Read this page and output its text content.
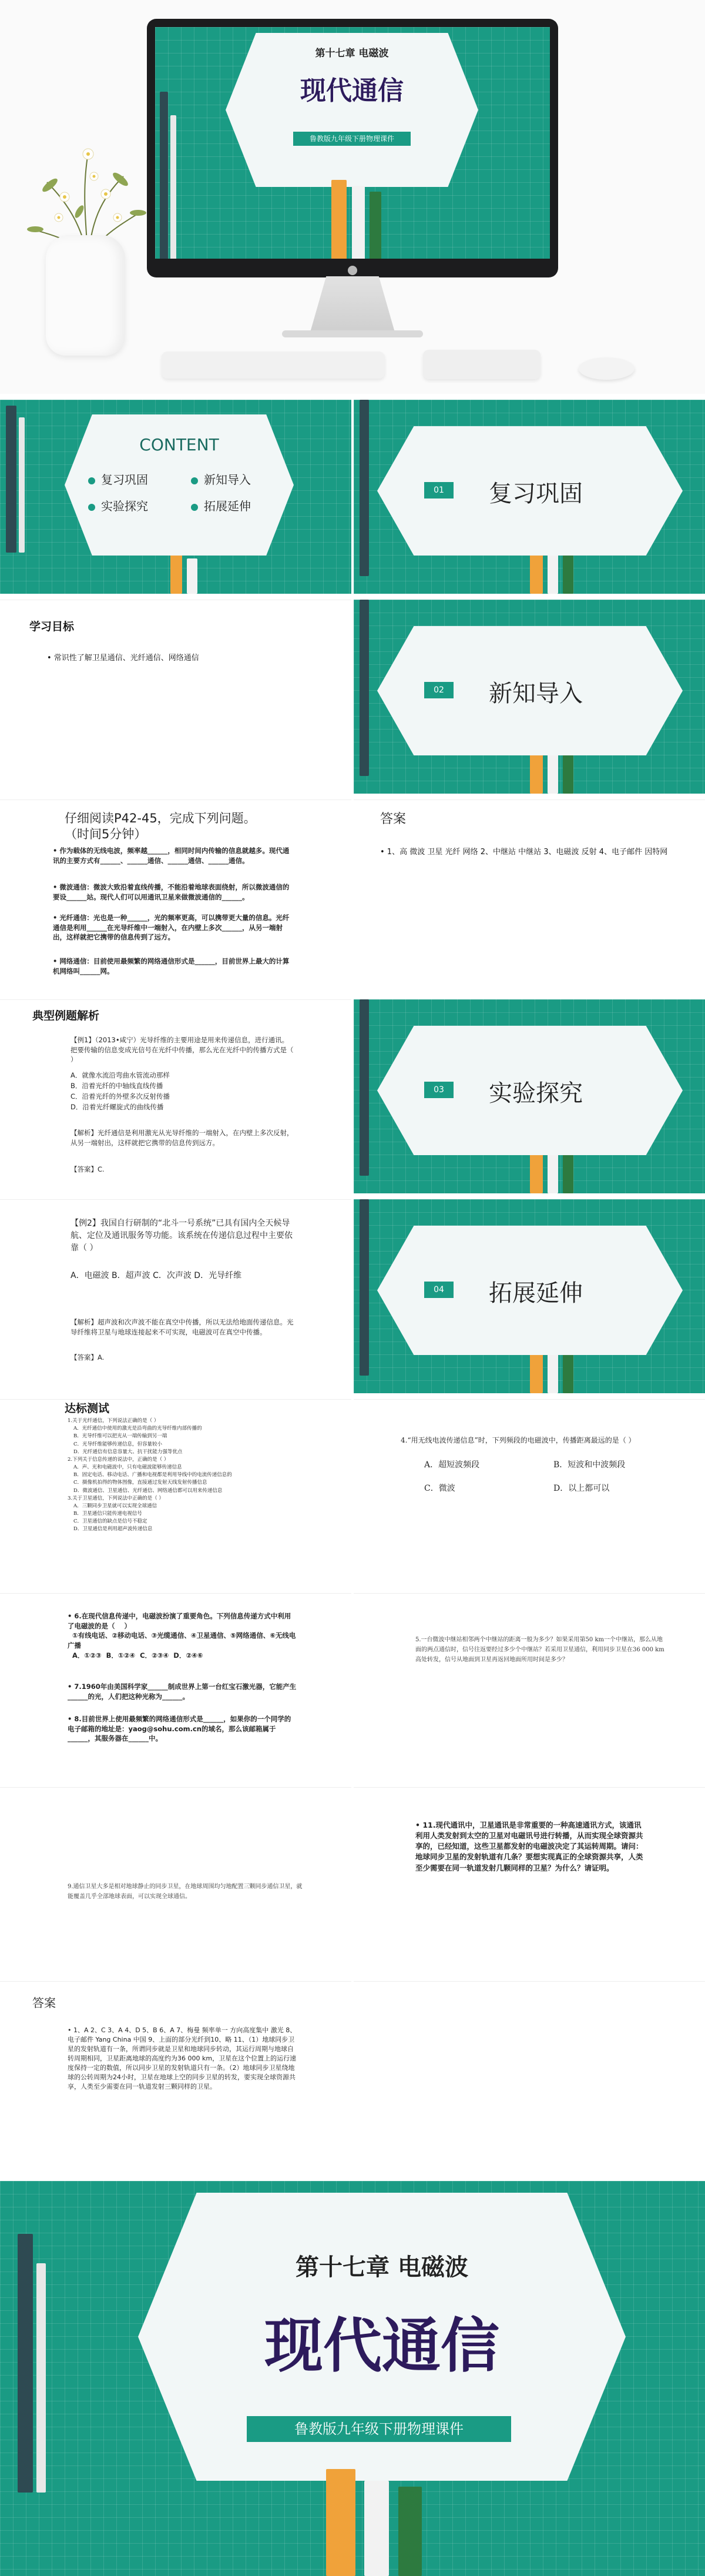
第十七章 电磁波
现代通信
鲁教版九年级下册物理课件
CONTENT
复习巩固	新知导入
实验探究	拓展延伸
01	复习巩固
学习目标
• 常识性了解卫星通信、光纤通信、网络通信
02	新知导入
仔细阅读P42-45，完成下列问题。
（时间5分钟）
• 作为载体的无线电波，频率越______，相同时间内传输的信息就越多。现代通讯的主要方式有______、______通信、______通信、______通信。
• 微波通信：微波大致沿着直线传播，不能沿着地球表面绕射，所以微波通信的要设______站。现代人们可以用通讯卫星来做微波通信的______。
• 光纤通信：光也是一种______，光的频率更高，可以携带更大量的信息。光纤通信是利用______在光导纤维中一端射入，在内壁上多次______，从另一端射出，这样就把它携带的信息传到了远方。
• 网络通信：目前使用最频繁的网络通信形式是______，目前世界上最大的计算机网络叫______网。
答案
• 1、高 微波 卫星 光纤 网络 2、中继站 中继站 3、电磁波 反射 4、电子邮件 因特网
典型例题解析
【例1】（2013•咸宁）光导纤维的主要用途是用来传递信息，进行通讯。把要传输的信息变成光信号在光纤中传播，那么光在光纤中的传播方式是（ ）
A．就像水流沿弯曲水管流动那样
B．沿着光纤的中轴线直线传播
C．沿着光纤的外壁多次反射传播
D．沿着光纤螺旋式的曲线传播
【解析】光纤通信是利用激光从光导纤维的一端射入，在内壁上多次反射，从另一端射出，这样就把它携带的信息传到远方。
【答案】C.
03	实验探究
【例2】我国自行研制的“北斗一号系统”已具有国内全天候导航、定位及通讯服务等功能。该系统在传递信息过程中主要依靠（ ）
A．电磁波 B．超声波 C．次声波 D．光导纤维
【解析】超声波和次声波不能在真空中传播，所以无法给地面传递信息。光导纤维将卫星与地球连接起来不可实现，电磁波可在真空中传播。
【答案】A.
04	拓展延伸
达标测试
1.关于光纤通信，下列说法正确的是（ ）
A．光纤通信中使用的激光是沿弯曲的光导纤维内部传播的
B．光导纤维可以把光从一端传输到另一端
C．光导纤维能够传递信息，但容量较小
D．光纤通信有信息容量大、抗干扰能力强等优点
2.下列关于信息传递的说法中，正确的是（ ）
A．声、光和电磁波中，只有电磁波能够传递信息
B．固定电话、移动电话、广播和电视都是利用导线中的电流传递信息的
C．摄像机拍得的物体图像，直接通过发射天线发射传播信息
D．微波通信、卫星通信、光纤通信、网络通信都可以用来传递信息
3.关于卫星通信，下列说法中正确的是（ ）
A．三颗同步卫星就可以实现全球通信
B．卫星通信只能传递电视信号
C．卫星通信的缺点是信号不稳定
D．卫星通信是利用超声波传递信息
4.“用无线电波传递信息”时，下列频段的电磁波中，传播距离最远的是（ ）
A．超短波频段	B．短波和中波频段
C．微波	D．以上都可以
• 6.在现代信息传递中，电磁波扮演了重要角色。下列信息传递方式中利用了电磁波的是（    ）
①有线电话、②移动电话、③光缆通信、④卫星通信、⑤网络通信、⑥无线电广播
A．①②③  B．①②④  C．②③④  D．②④⑥
• 7.1960年由美国科学家______制成世界上第一台红宝石激光器，它能产生______的光，人们把这种光称为______。
• 8.目前世界上使用最频繁的网络通信形式是______，如果你的一个同学的电子邮箱的地址是：yaog@sohu.com.cn的域名，那么该邮箱属于______，其服务器在______中。
5.一台微波中继站相邻两个中继站的距离一般为多少？如果采用第50 km一个中继站，那么从地面的两点通信时，信号往返要经过多少个中继站？若采用卫星通信，利用同步卫星在36 000 km高处转发，信号从地面到卫星再返回地面所用时间是多少？
9.通信卫星大多是相对地球静止的同步卫星，在地球周围均匀地配置三颗同步通信卫星，就能覆盖几乎全部地球表面，可以实现全球通信。
• 11.现代通讯中，卫星通讯是非常重要的一种高速通讯方式，该通讯利用人类发射到太空的卫星对电磁讯号进行转播，从而实现全球资源共享的，已经知道，这些卫星都发射的电磁波决定了其运转周期。请问：地球同步卫星的发射轨道有几条？要想实现真正的全球资源共享，人类至少需要在同一轨道发射几颗同样的卫星？为什么？请证明。
答案
• 1、A 2、C 3、A 4、D 5、B 6、A 7、梅曼 频率单一 方向高度集中 激光 8、电子邮件 Yang China 中国 9、上面的部分光纤到10、略 11、（1）地球同步卫星的发射轨道有一条，所谓同步就是卫星和地球同步转动，其运行周期与地球自转周期相同，卫星距离地球的高度约为36 000 km，卫星在这个位置上的运行速度保持一定的数值，所以同步卫星的发射轨道只有一条。（2）地球同步卫星绕地球的公转周期为24小时，卫星在地球上空的同步卫星的转发，要实现全球资源共享，人类至少需要在同一轨道发射三颗同样的卫星。
第十七章 电磁波
现代通信
鲁教版九年级下册物理课件
